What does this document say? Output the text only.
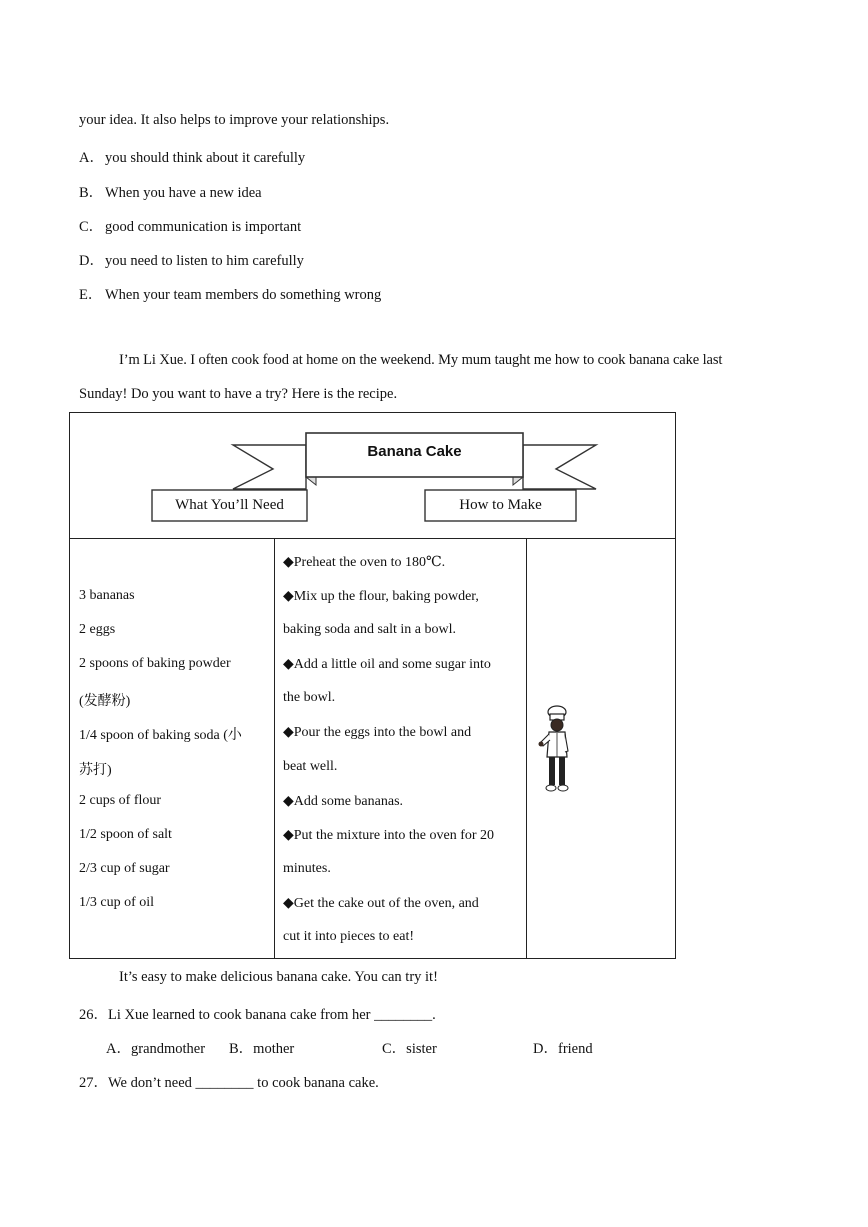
your idea. It also helps to improve your relationships.
A．you should think about it carefully
B． When you have a new idea
C． good communication is important
D．you need to listen to him carefully
E． When your team members do something wrong
I’m Li Xue. I often cook food at home on the weekend. My mum taught me how to cook banana cake last
Sunday! Do you want to have a try? Here is the recipe.
Banana Cake
What You’ll Need	How to Make
3 bananas
2 eggs
2 spoons of baking powder
(发酵粉)
1/4 spoon of baking soda (小
苏打)
2 cups of flour
1/2 spoon of salt
2/3 cup of sugar
1/3 cup of oil
◆Preheat the oven to 180℃.
◆Mix up the flour, baking powder,
baking soda and salt in a bowl.
◆Add a little oil and some sugar into
the bowl.
◆Pour the eggs into the bowl and
beat well.
◆Add some bananas.
◆Put the mixture into the oven for 20
minutes.
◆Get the cake out of the oven, and
cut it into pieces to eat!
It’s easy to make delicious banana cake. You can try it!
26．Li Xue learned to cook banana cake from her ________.
A．grandmother B．mother	C．sister	D．friend
27．We don’t need ________ to cook banana cake.
